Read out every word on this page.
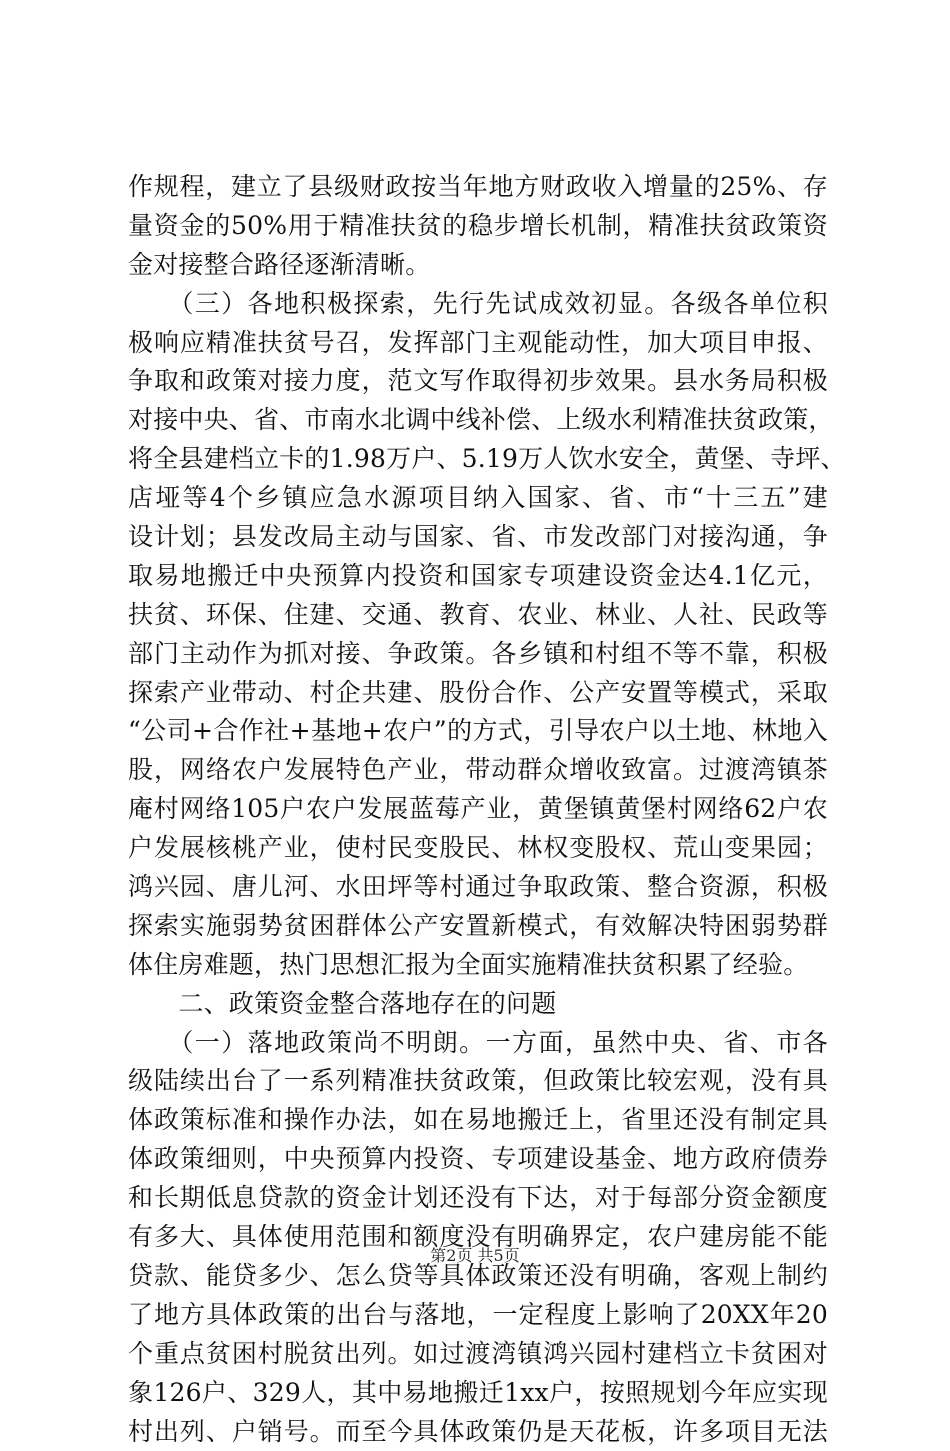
作规程，建立了县级财政按当年地方财政收入增量的25%、存
量资金的50%用于精准扶贫的稳步增长机制，精准扶贫政策资
金对接整合路径逐渐清晰。
　　（三）各地积极探索，先行先试成效初显。各级各单位积
极响应精准扶贫号召，发挥部门主观能动性，加大项目申报、
争取和政策对接力度，范文写作取得初步效果。县水务局积极
对接中央、省、市南水北调中线补偿、上级水利精准扶贫政策，
将全县建档立卡的1.98万户、5.19万人饮水安全，黄堡、寺坪、
店垭等4个乡镇应急水源项目纳入国家、省、市“十三五”建
设计划；县发改局主动与国家、省、市发改部门对接沟通，争
取易地搬迁中央预算内投资和国家专项建设资金达4.1亿元，
扶贫、环保、住建、交通、教育、农业、林业、人社、民政等
部门主动作为抓对接、争政策。各乡镇和村组不等不靠，积极
探索产业带动、村企共建、股份合作、公产安置等模式，采取
“公司+合作社+基地+农户”的方式，引导农户以土地、林地入
股，网络农户发展特色产业，带动群众增收致富。过渡湾镇茶
庵村网络105户农户发展蓝莓产业，黄堡镇黄堡村网络62户农
户发展核桃产业，使村民变股民、林权变股权、荒山变果园；
鸿兴园、唐儿河、水田坪等村通过争取政策、整合资源，积极
探索实施弱势贫困群体公产安置新模式，有效解决特困弱势群
体住房难题，热门思想汇报为全面实施精准扶贫积累了经验。
　　二、政策资金整合落地存在的问题
　　（一）落地政策尚不明朗。一方面，虽然中央、省、市各
级陆续出台了一系列精准扶贫政策，但政策比较宏观，没有具
体政策标准和操作办法，如在易地搬迁上，省里还没有制定具
体政策细则，中央预算内投资、专项建设基金、地方政府债券
和长期低息贷款的资金计划还没有下达，对于每部分资金额度
有多大、具体使用范围和额度没有明确界定，农户建房能不能
贷款、能贷多少、怎么贷等具体政策还没有明确，客观上制约
了地方具体政策的出台与落地，一定程度上影响了20XX年20
个重点贫困村脱贫出列。如过渡湾镇鸿兴园村建档立卡贫困对
象126户、329人，其中易地搬迁1xx户，按照规划今年应实现
村出列、户销号。而至今具体政策仍是天花板，许多项目无法
第2页 共5页
